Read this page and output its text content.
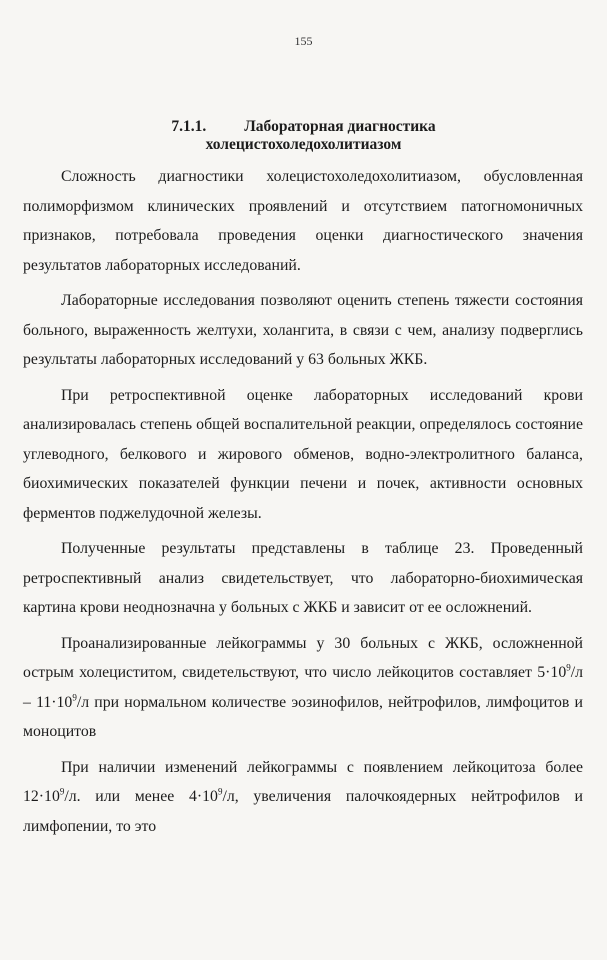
155
7.1.1. Лабораторная диагностика
холецистохоледохолитиазом

Сложность диагностики холецистохоледохолитиазом, обусловленная полиморфизмом клинических проявлений и отсутствием патогномоничных признаков, потребовала проведения оценки диагностического значения результатов лабораторных исследований.

Лабораторные исследования позволяют оценить степень тяжести состояния больного, выраженность желтухи, холангита, в связи с чем, анализу подверглись результаты лабораторных исследований у 63 больных ЖКБ.

При ретроспективной оценке лабораторных исследований крови анализировалась степень общей воспалительной реакции, определялось состояние углеводного, белкового и жирового обменов, водно-электролитного баланса, биохимических показателей функции печени и почек, активности основных ферментов поджелудочной железы.

Полученные результаты представлены в таблице 23. Проведенный ретроспективный анализ свидетельствует, что лабораторно-биохимическая картина крови неоднозначна у больных с ЖКБ и зависит от ее осложнений.

Проанализированные лейкограммы у 30 больных с ЖКБ, осложненной острым холециститом, свидетельствуют, что число лейкоцитов составляет $5\cdot 10^9/л - 11\cdot 10^9/л$ при нормальном количестве эозинофилов, нейтрофилов, лимфоцитов и моноцитов

При наличии изменений лейкограммы с появлением лейкоцитоза более $12\cdot 10^9/л$. или менее $4\cdot 10^9/л$, увеличения палочкоядерных нейтрофилов и лимфопении, то это
